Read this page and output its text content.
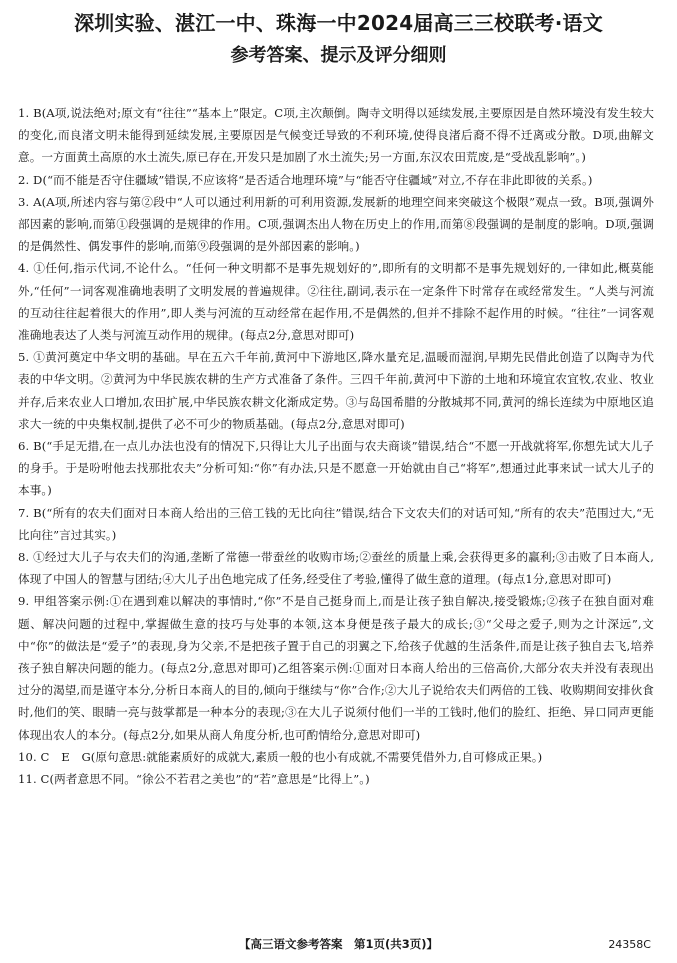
深圳实验、湛江一中、珠海一中2024届高三三校联考·语文
参考答案、提示及评分细则

1. B(A项,说法绝对;原文有“往往”“基本上”限定。C项,主次颠倒。陶寺文明得以延续发展,主要原因是自然环境没有发生较大的变化,而良渚文明未能得到延续发展,主要原因是气候变迁导致的不利环境,使得良渚后裔不得不迁离或分散。D项,曲解文意。一方面黄土高原的水土流失,原已存在,开发只是加剧了水土流失;另一方面,东汉农田荒废,是“受战乱影响”。)

2. D(“而不能是否守住疆域”错误,不应该将“是否适合地理环境”与“能否守住疆域”对立,不存在非此即彼的关系。)

3. A(A项,所述内容与第②段中“人可以通过利用新的可利用资源,发展新的地理空间来突破这个极限”观点一致。B项,强调外部因素的影响,而第①段强调的是规律的作用。C项,强调杰出人物在历史上的作用,而第⑧段强调的是制度的影响。D项,强调的是偶然性、偶发事件的影响,而第⑨段强调的是外部因素的影响。)

4. ①任何,指示代词,不论什么。“任何一种文明都不是事先规划好的”,即所有的文明都不是事先规划好的,一律如此,概莫能外,“任何”一词客观准确地表明了文明发展的普遍规律。②往往,副词,表示在一定条件下时常存在或经常发生。“人类与河流的互动往往起着很大的作用”,即人类与河流的互动经常在起作用,不是偶然的,但并不排除不起作用的时候。“往往”一词客观准确地表达了人类与河流互动作用的规律。(每点2分,意思对即可)

5. ①黄河奠定中华文明的基础。早在五六千年前,黄河中下游地区,降水量充足,温暖而湿润,早期先民借此创造了以陶寺为代表的中华文明。②黄河为中华民族农耕的生产方式准备了条件。三四千年前,黄河中下游的土地和环境宜农宜牧,农业、牧业并存,后来农业人口增加,农田扩展,中华民族农耕文化渐成定势。③与岛国希腊的分散城邦不同,黄河的绵长连续为中原地区追求大一统的中央集权制,提供了必不可少的物质基础。(每点2分,意思对即可)

6. B(“手足无措,在一点儿办法也没有的情况下,只得让大儿子出面与农夫商谈”错误,结合“不愿一开战就将军,你想先试大儿子的身手。于是吩咐他去找那批农夫”分析可知:“你”有办法,只是不愿意一开始就由自己“将军”,想通过此事来试一试大儿子的本事。)

7. B(“所有的农夫们面对日本商人给出的三倍工钱的无比向往”错误,结合下文农夫们的对话可知,“所有的农夫”范围过大,“无比向往”言过其实。)

8. ①经过大儿子与农夫们的沟通,垄断了常德一带蚕丝的收购市场;②蚕丝的质量上乘,会获得更多的赢利;③击败了日本商人,体现了中国人的智慧与团结;④大儿子出色地完成了任务,经受住了考验,懂得了做生意的道理。(每点1分,意思对即可)

9. 甲组答案示例:①在遇到难以解决的事情时,“你”不是自己挺身而上,而是让孩子独自解决,接受锻炼;②孩子在独自面对难题、解决问题的过程中,掌握做生意的技巧与处事的本领,这本身便是孩子最大的成长;③“父母之爱子,则为之计深远”,文中“你”的做法是“爱子”的表现,身为父亲,不是把孩子置于自己的羽翼之下,给孩子优越的生活条件,而是让孩子独自去飞,培养孩子独自解决问题的能力。(每点2分,意思对即可)乙组答案示例:①面对日本商人给出的三倍高价,大部分农夫并没有表现出过分的渴望,而是谨守本分,分析日本商人的目的,倾向于继续与“你”合作;②大儿子说给农夫们两倍的工钱、收购期间安排伙食时,他们的笑、眼睛一亮与鼓掌都是一种本分的表现;③在大儿子说须付他们一半的工钱时,他们的脸红、拒绝、异口同声更能体现出农人的本分。(每点2分,如果从商人角度分析,也可酌情给分,意思对即可)

10. C　E　G(原句意思:就能素质好的成就大,素质一般的也小有成就,不需要凭借外力,自可修成正果。)

11. C(两者意思不同。“徐公不若君之美也”的“若”意思是“比得上”。)

【高三语文参考答案　第1页(共3页)】	24358C
